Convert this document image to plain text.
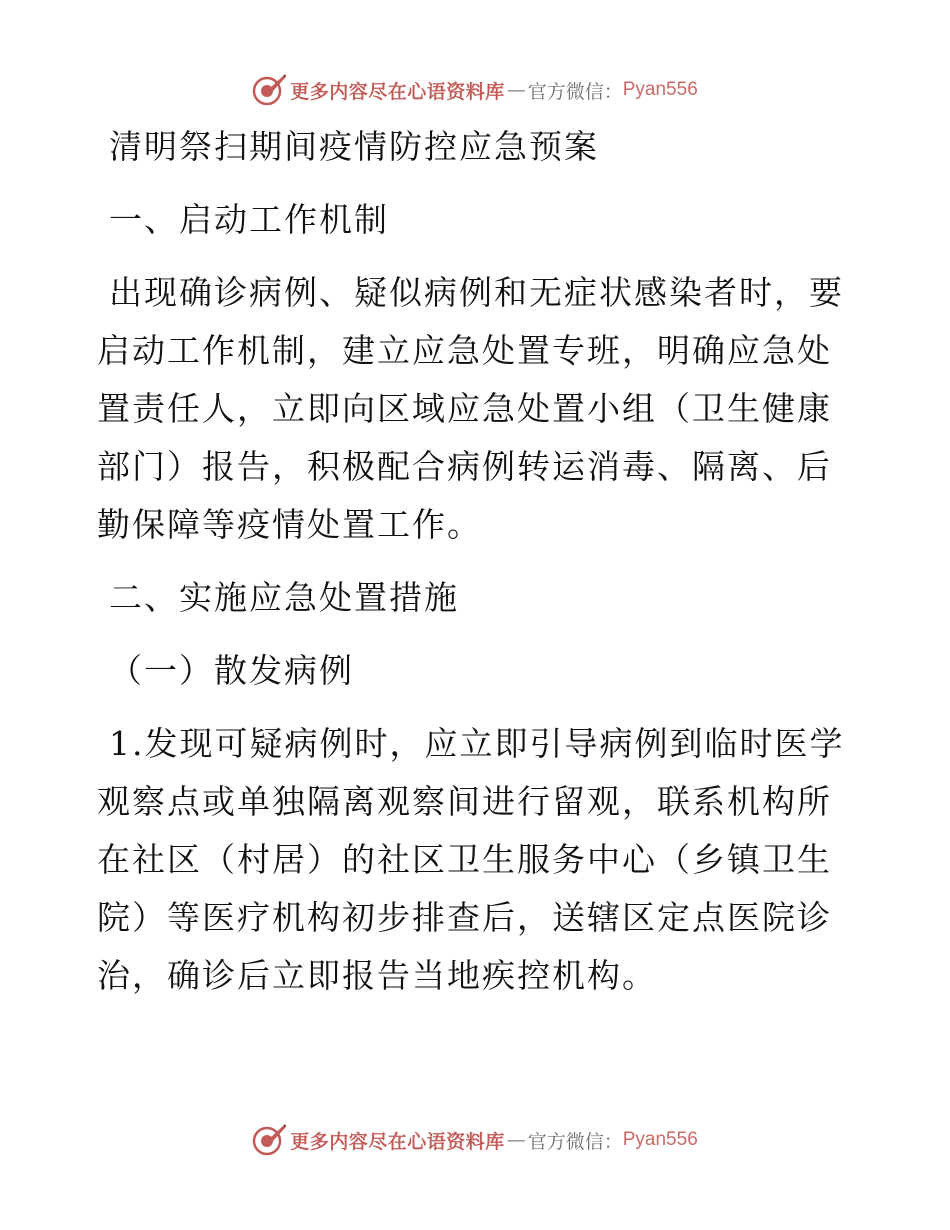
更多内容尽在心语资料库 — 官方微信： Pyan556

清明祭扫期间疫情防控应急预案

一、启动工作机制

出现确诊病例、疑似病例和无症状感染者时，要启动工作机制，建立应急处置专班，明确应急处置责任人，立即向区域应急处置小组（卫生健康部门）报告，积极配合病例转运消毒、隔离、后勤保障等疫情处置工作。

二、实施应急处置措施

（一）散发病例

1.发现可疑病例时，应立即引导病例到临时医学观察点或单独隔离观察间进行留观，联系机构所在社区（村居）的社区卫生服务中心（乡镇卫生院）等医疗机构初步排查后，送辖区定点医院诊治，确诊后立即报告当地疾控机构。

更多内容尽在心语资料库 — 官方微信： Pyan556
